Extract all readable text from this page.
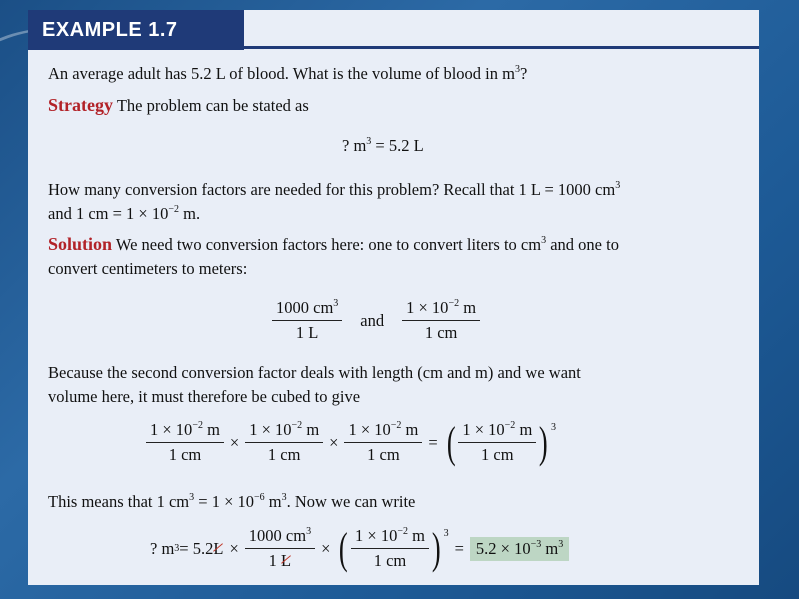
EXAMPLE 1.7
An average adult has 5.2 L of blood. What is the volume of blood in $m^3$?
Strategy The problem can be stated as
? $m^3 = 5.2$ L
How many conversion factors are needed for this problem? Recall that 1 L = 1000 $cm^3$
and 1 cm = $1 \times 10^{-2}$ m.
Solution We need two conversion factors here: one to convert liters to $cm^3$ and one to
convert centimeters to meters:
$\frac{1000 cm^3}{1 L}$ and $\frac{1 \times 10^{-2} m}{1 cm}$
Because the second conversion factor deals with length (cm and m) and we want
volume here, it must therefore be cubed to give
$\frac{1 \times 10^{-2} m}{1 cm} \times \frac{1 \times 10^{-2} m}{1 cm} \times \frac{1 \times 10^{-2} m}{1 cm}$ = ( $\frac{1 \times 10^{-2} m}{1 cm}$ ) 3
This means that 1 $cm^3 = 1 \times 10^{-6}$ $m^3$. Now we can write
? m 3 = 5.2 $L \times \frac{1000 cm^3}{1 L}$ × ( $\frac{1 \times 10^{-2} m}{1 cm}$ ) 3
= $5.2 \times 10^{-3}$ $m^3$
